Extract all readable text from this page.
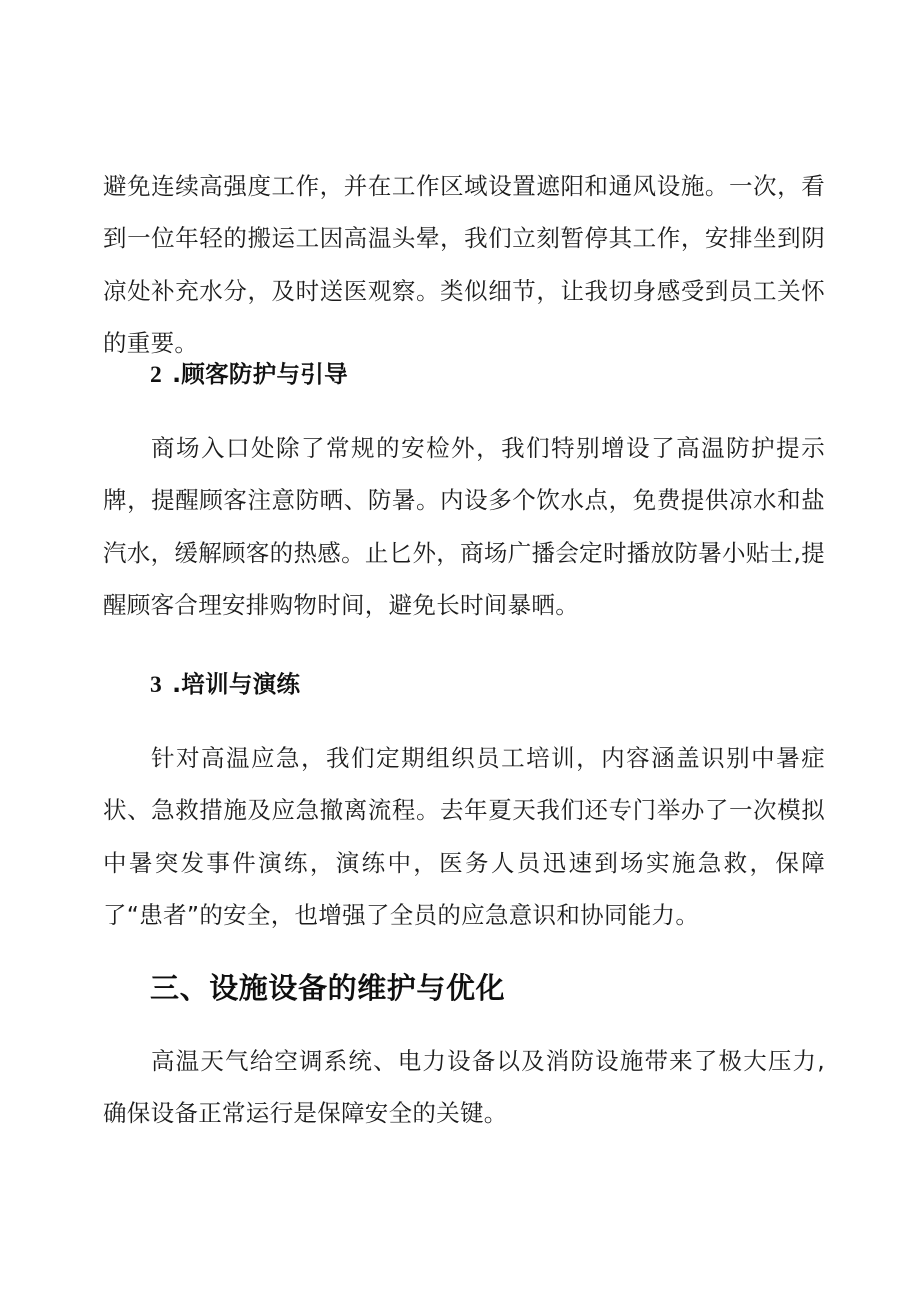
避免连续高强度工作，并在工作区域设置遮阳和通风设施。一次，看到一位年轻的搬运工因高温头晕，我们立刻暂停其工作，安排坐到阴凉处补充水分，及时送医观察。类似细节，让我切身感受到员工关怀的重要。

2 .顾客防护与引导

商场入口处除了常规的安检外，我们特别增设了高温防护提示牌，提醒顾客注意防晒、防暑。内设多个饮水点，免费提供凉水和盐汽水，缓解顾客的热感。止匕外，商场广播会定时播放防暑小贴士,提醒顾客合理安排购物时间，避免长时间暴晒。

3 .培训与演练

针对高温应急，我们定期组织员工培训，内容涵盖识别中暑症状、急救措施及应急撤离流程。去年夏天我们还专门举办了一次模拟中暑突发事件演练，演练中，医务人员迅速到场实施急救，保障了“患者”的安全，也增强了全员的应急意识和协同能力。

三、设施设备的维护与优化

高温天气给空调系统、电力设备以及消防设施带来了极大压力,确保设备正常运行是保障安全的关键。
